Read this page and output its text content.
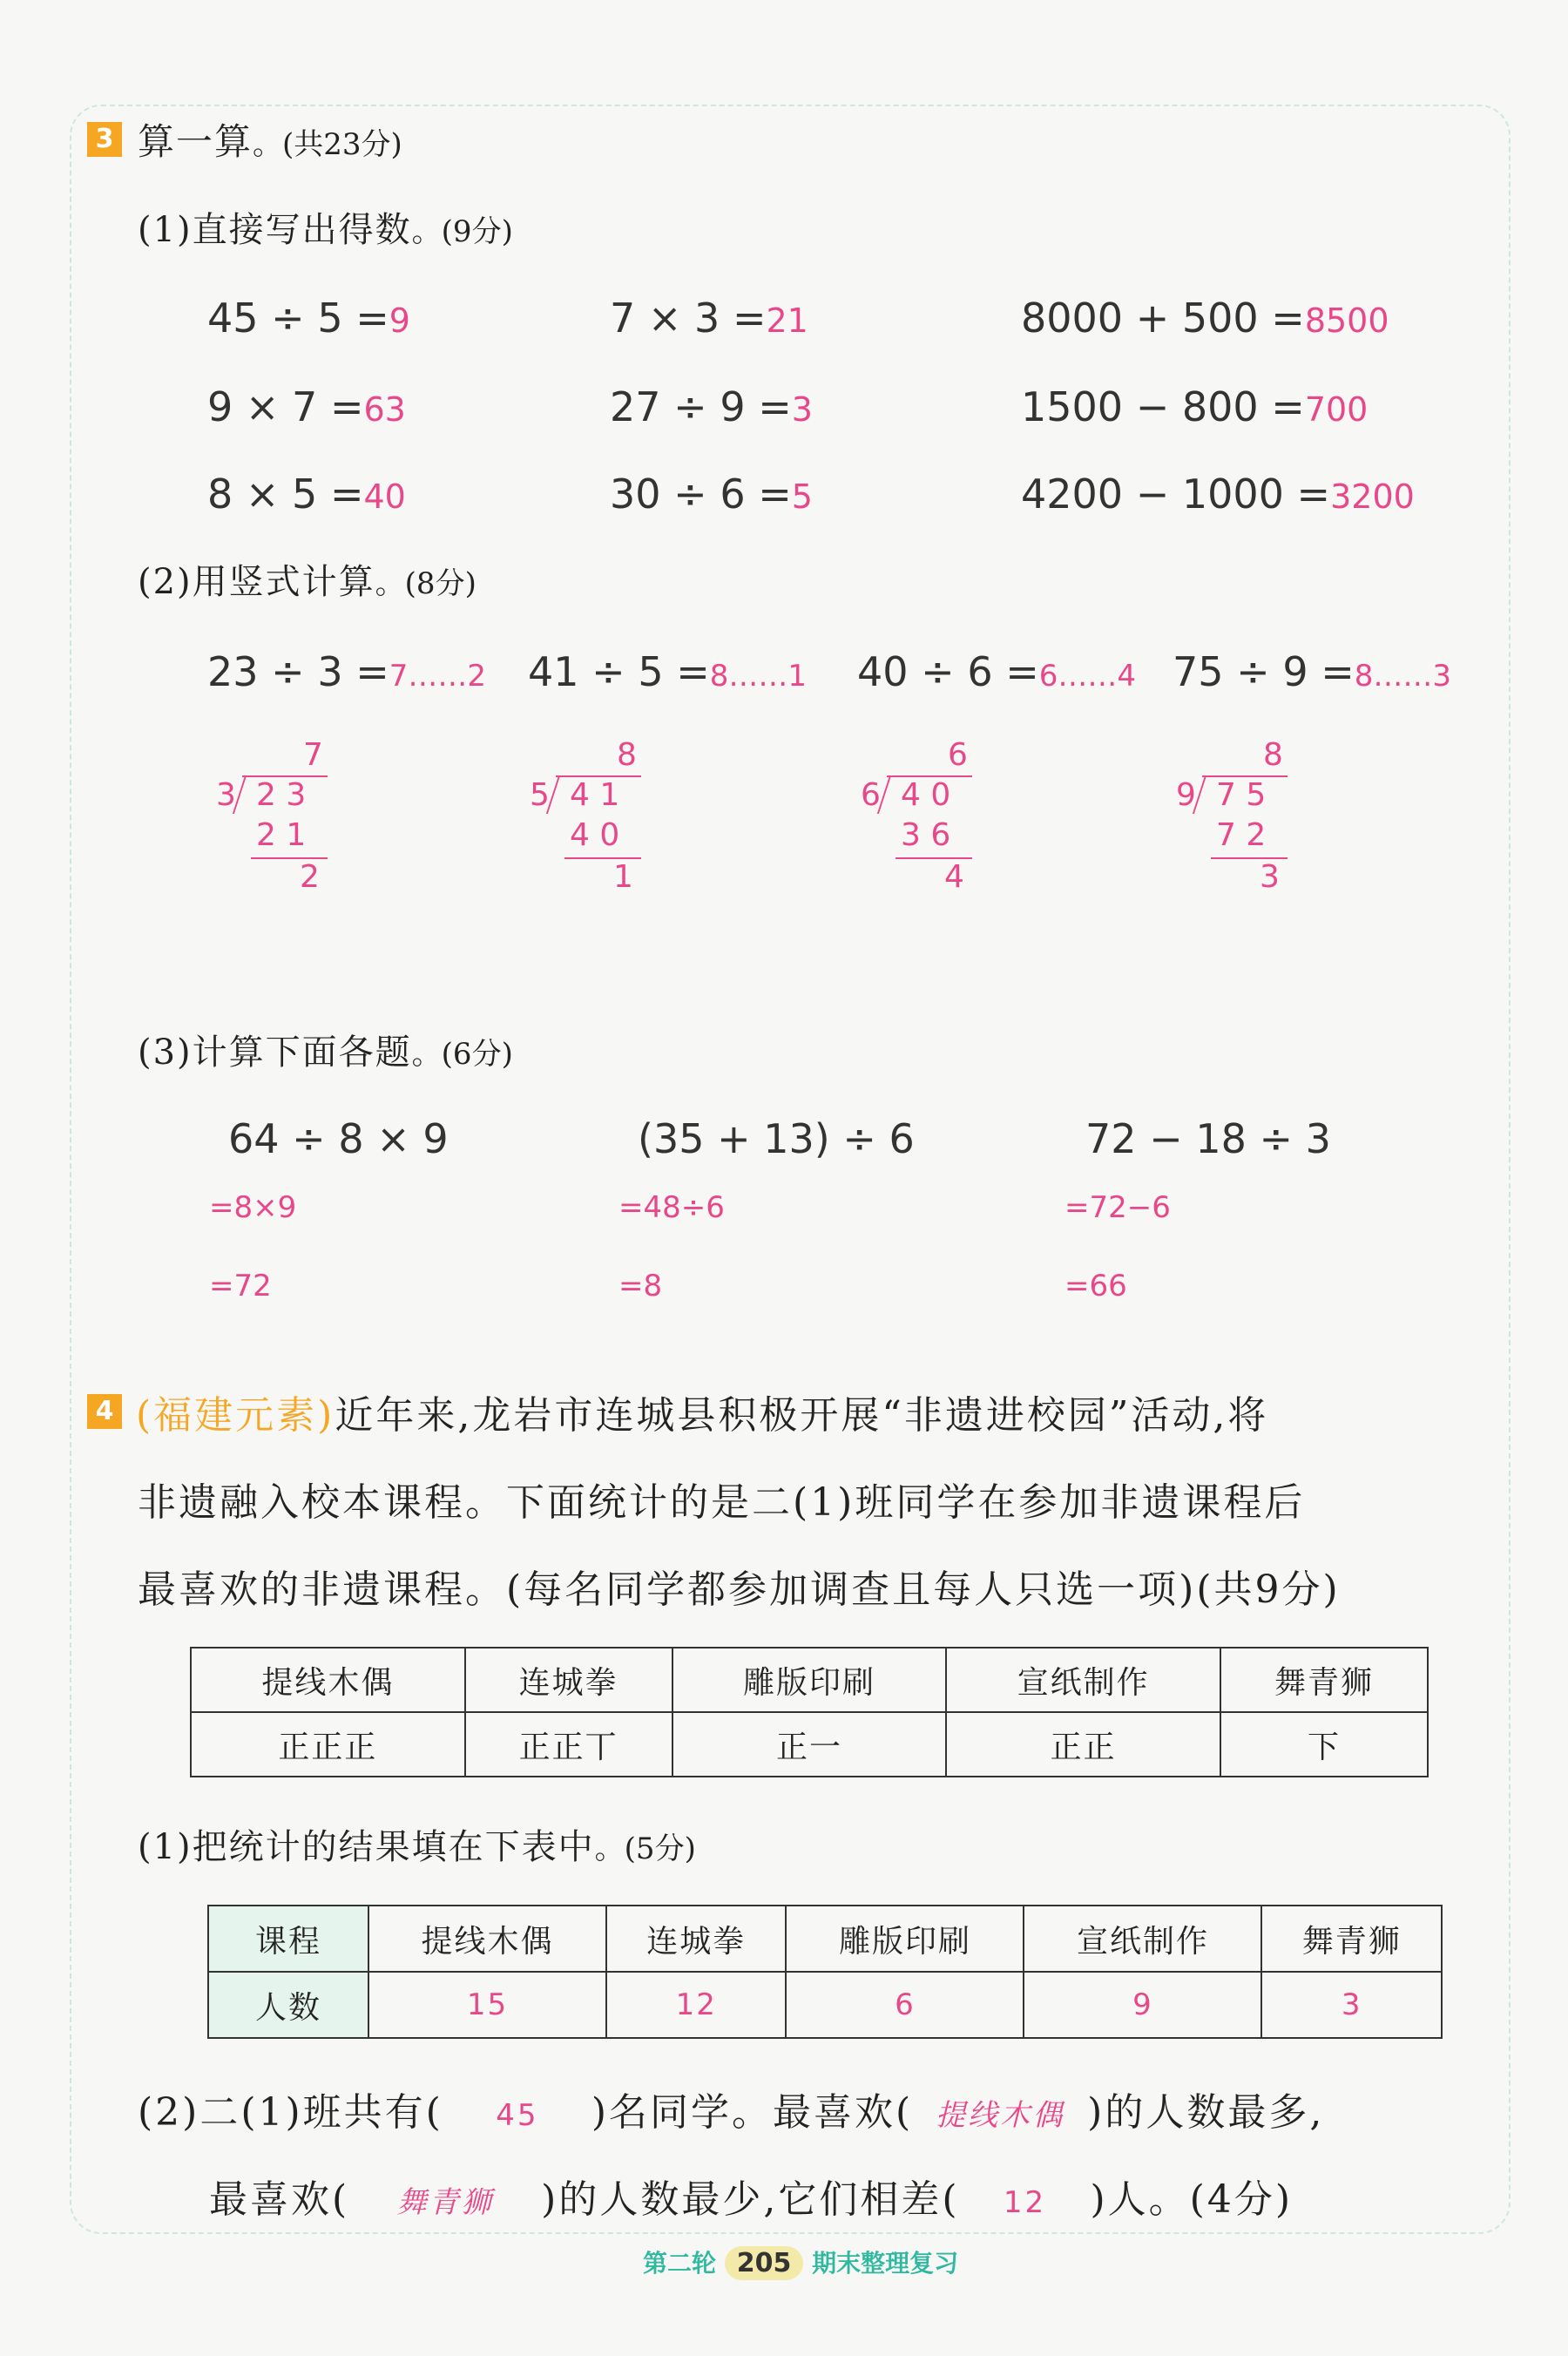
3 算一算。(共23分)
(1)直接写出得数。(9分)
45 ÷ 5 =9	7 × 3 =21	8000 + 500 =8500
9 × 7 =63	27 ÷ 9 =3	1500 − 800 =700
8 × 5 =40	30 ÷ 6 =5	4200 − 1000 =3200
(2)用竖式计算。(8分)
23 ÷ 3 =7……2 41 ÷ 5 =8……1 40 ÷ 6 =6……4 75 ÷ 9 =8……3
7
3 2 3
2 1
2
8
5 4 1
4 0
1
6
6 4 0
3 6
4
8
9 7 5
7 2
3
(3)计算下面各题。(6分)
64 ÷ 8 × 9	(35 + 13) ÷ 6	72 − 18 ÷ 3
=8×9	=48÷6	=72−6
=72	=8	=66
4 (福建元素)近年来,龙岩市连城县积极开展“非遗进校园”活动,将
非遗融入校本课程。下面统计的是二(1)班同学在参加非遗课程后
最喜欢的非遗课程。(每名同学都参加调查且每人只选一项)(共9分)
提线木偶	连城拳	雕版印刷	宣纸制作	舞青狮
正正正	正正丅	正一	正正	下
(1)把统计的结果填在下表中。(5分)
课程	提线木偶	连城拳	雕版印刷	宣纸制作	舞青狮
人数	15	12	6	9	3
(2)二(1)班共有( 45 )名同学。最喜欢( 提线木偶 )的人数最多,
最喜欢( 舞青狮 )的人数最少,它们相差( 12 )人。(4分)
第二轮 205 期末整理复习
